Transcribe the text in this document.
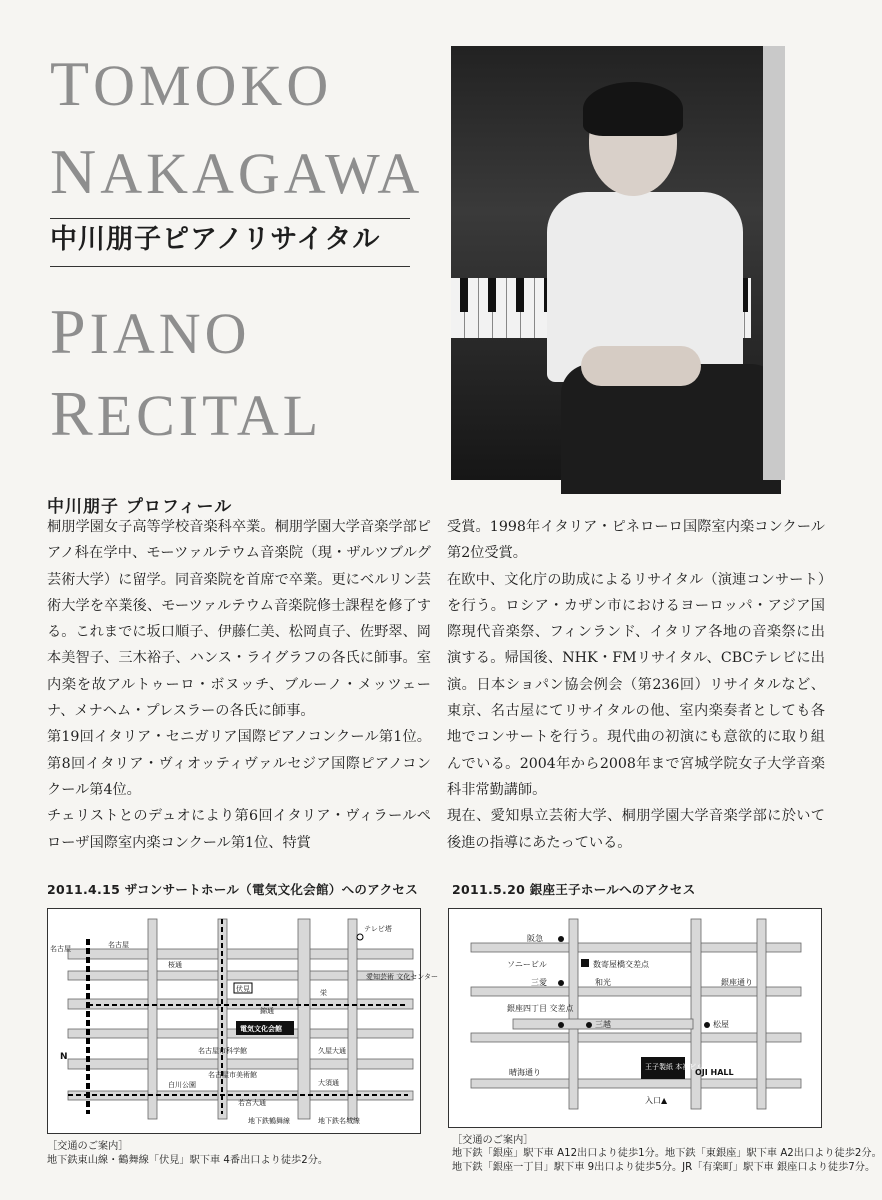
TOMOKO
NAKAGAWA
中川朋子ピアノリサイタル
PIANO
RECITAL
中川朋子 プロフィール

桐朋学園女子高等学校音楽科卒業。桐朋学園大学音楽学部ピアノ科在学中、モーツァルテウム音楽院（現・ザルツブルグ芸術大学）に留学。同音楽院を首席で卒業。更にベルリン芸術大学を卒業後、モーツァルテウム音楽院修士課程を修了する。これまでに坂口順子、伊藤仁美、松岡貞子、佐野翠、岡本美智子、三木裕子、ハンス・ライグラフの各氏に師事。室内楽を故アルトゥーロ・ボヌッチ、ブルーノ・メッツェーナ、メナヘム・プレスラーの各氏に師事。

第19回イタリア・セニガリア国際ピアノコンクール第1位。第8回イタリア・ヴィオッティヴァルセジア国際ピアノコンクール第4位。

チェリストとのデュオにより第6回イタリア・ヴィラールペローザ国際室内楽コンクール第1位、特賞

受賞。1998年イタリア・ピネローロ国際室内楽コンクール第2位受賞。

在欧中、文化庁の助成によるリサイタル（演連コンサート）を行う。ロシア・カザン市におけるヨーロッパ・アジア国際現代音楽祭、フィンランド、イタリア各地の音楽祭に出演する。帰国後、NHK・FMリサイタル、CBCテレビに出演。日本ショパン協会例会（第236回）リサイタルなど、東京、名古屋にてリサイタルの他、室内楽奏者としても各地でコンサートを行う。現代曲の初演にも意欲的に取り組んでいる。2004年から2008年まで宮城学院女子大学音楽科非常勤講師。

現在、愛知県立芸術大学、桐朋学園大学音楽学部に於いて後進の指導にあたっている。

2011.4.15 ザコンサートホール（電気文化会館）へのアクセス
名古屋	名古屋
桜通
伏見
電気文化会館
錦通
久屋大通
栄
テレビ塔
愛知芸術 文化センター
名古屋市科学館
名古屋市美術館
白川公園	大須通
若宮大通
地下鉄鶴舞線	地下鉄名城線
N
［交通のご案内］
地下鉄東山線・鶴舞線「伏見」駅下車 4番出口より徒歩2分。
2011.5.20 銀座王子ホールへのアクセス
阪急
数寄屋橋交差点
ソニービル
三愛	和光	銀座通り
銀座四丁目 交差点
三越	松屋
晴海通り
王子製紙 本社ビル
OJI HALL
入口▲
［交通のご案内］
地下鉄「銀座」駅下車 A12出口より徒歩1分。地下鉄「東銀座」駅下車 A2出口より徒歩2分。
地下鉄「銀座一丁目」駅下車 9出口より徒歩5分。JR「有楽町」駅下車 銀座口より徒歩7分。
